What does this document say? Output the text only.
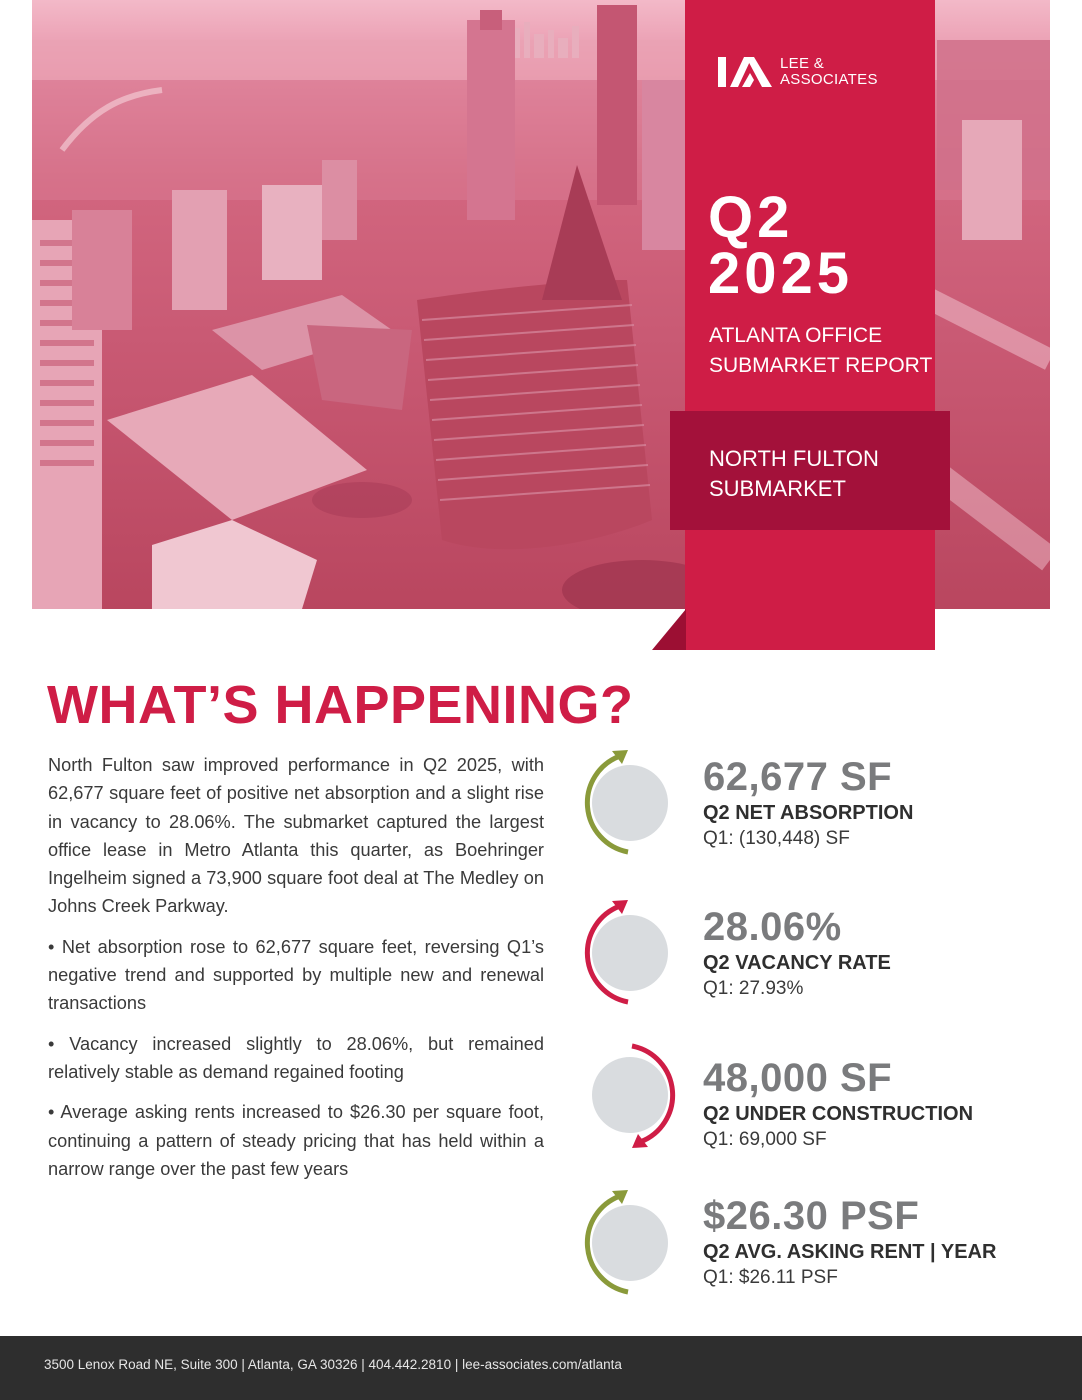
LEE &
ASSOCIATES
Q2
2025
ATLANTA OFFICE
SUBMARKET REPORT
NORTH FULTON
SUBMARKET
WHAT’S HAPPENING?

North Fulton saw improved performance in Q2 2025, with 62,677 square feet of positive net absorption and a slight rise in vacancy to 28.06%. The submarket captured the largest office lease in Metro Atlanta this quarter, as Boehringer Ingelheim signed a 73,900 square foot deal at The Medley on Johns Creek Parkway.

• Net absorption rose to 62,677 square feet, reversing Q1’s negative trend and supported by multiple new and renewal transactions

• Vacancy increased slightly to 28.06%, but remained relatively stable as demand regained footing

• Average asking rents increased to $26.30 per square foot, continuing a pattern of steady pricing that has held within a narrow range over the past few years

62,677 SF
Q2 NET ABSORPTION
Q1: (130,448) SF
28.06%
Q2 VACANCY RATE
Q1: 27.93%
48,000 SF
Q2 UNDER CONSTRUCTION
Q1: 69,000 SF
$26.30 PSF
Q2 AVG. ASKING RENT | YEAR
Q1: $26.11 PSF
3500 Lenox Road NE, Suite 300 | Atlanta, GA 30326 | 404.442.2810 | lee-associates.com/atlanta
